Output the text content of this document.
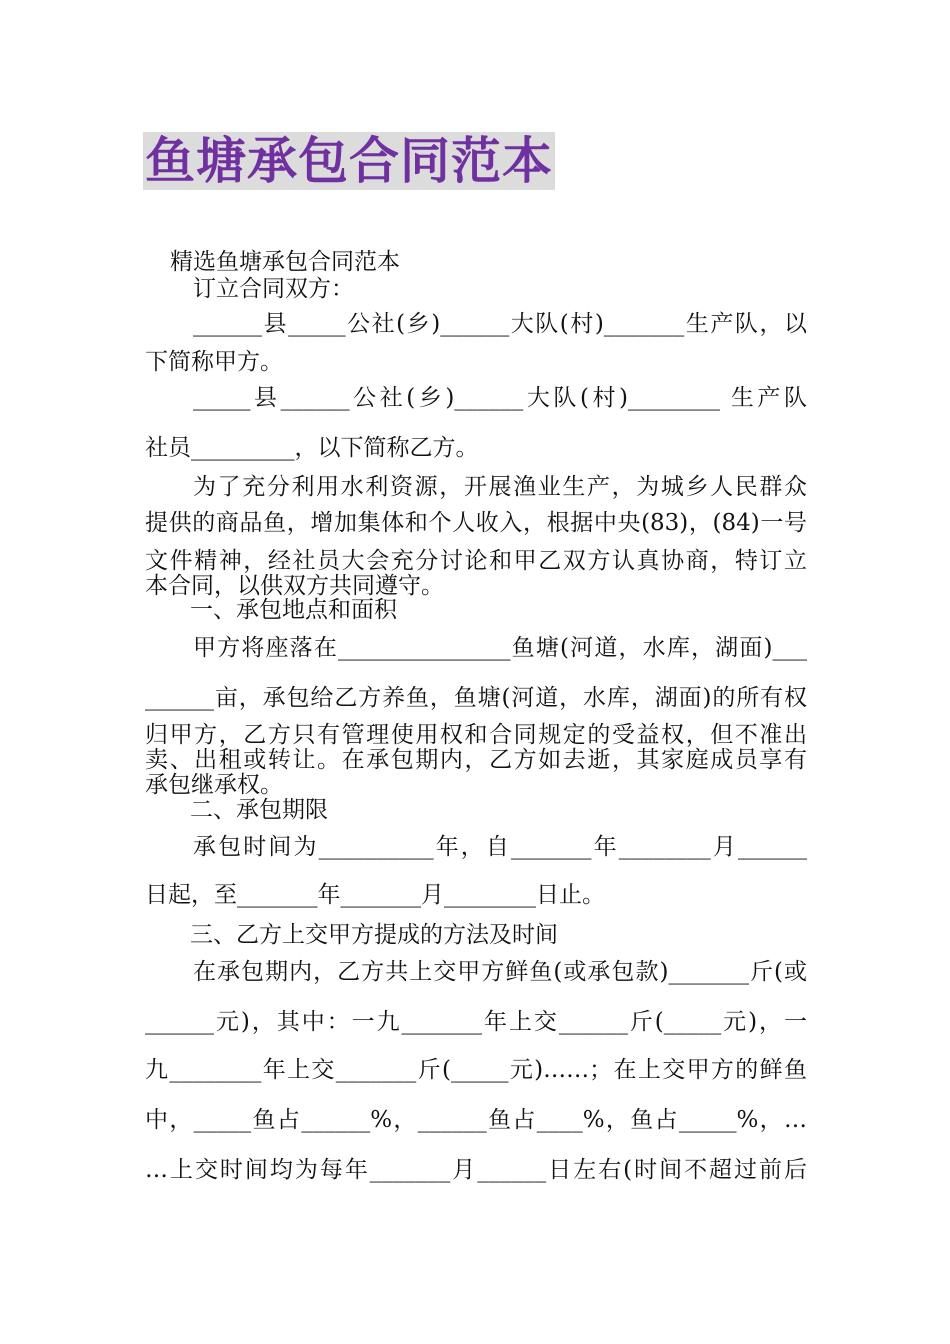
鱼塘承包合同范本
精选鱼塘承包合同范本
订立合同双方：
______县_____公社(乡)______大队(村)_______生产队，以
下简称甲方。
_____县______公社(乡)______大队(村)________ 生产队
社员_________，以下简称乙方。
为了充分利用水利资源，开展渔业生产，为城乡人民群众
提供的商品鱼，增加集体和个人收入，根据中央(83)，(84)一号
文件精神，经社员大会充分讨论和甲乙双方认真协商，特订立
本合同，以供双方共同遵守。
一、承包地点和面积
甲方将座落在_______________鱼塘(河道，水库，湖面)___
______亩，承包给乙方养鱼，鱼塘(河道，水库，湖面)的所有权
归甲方，乙方只有管理使用权和合同规定的受益权，但不准出
卖、出租或转让。在承包期内，乙方如去逝，其家庭成员享有
承包继承权。
二、承包期限
承包时间为__________年，自_______年________月______
日起，至_______年_______月________日止。
三、乙方上交甲方提成的方法及时间
在承包期内，乙方共上交甲方鲜鱼(或承包款)_______斤(或
______元)，其中：一九_______年上交______斤(_____元)，一
九________年上交_______斤(_____元)……；在上交甲方的鲜鱼
中，_____鱼占______%，______鱼占____%，鱼占_____%，…
…上交时间均为每年_______月______日左右(时间不超过前后
